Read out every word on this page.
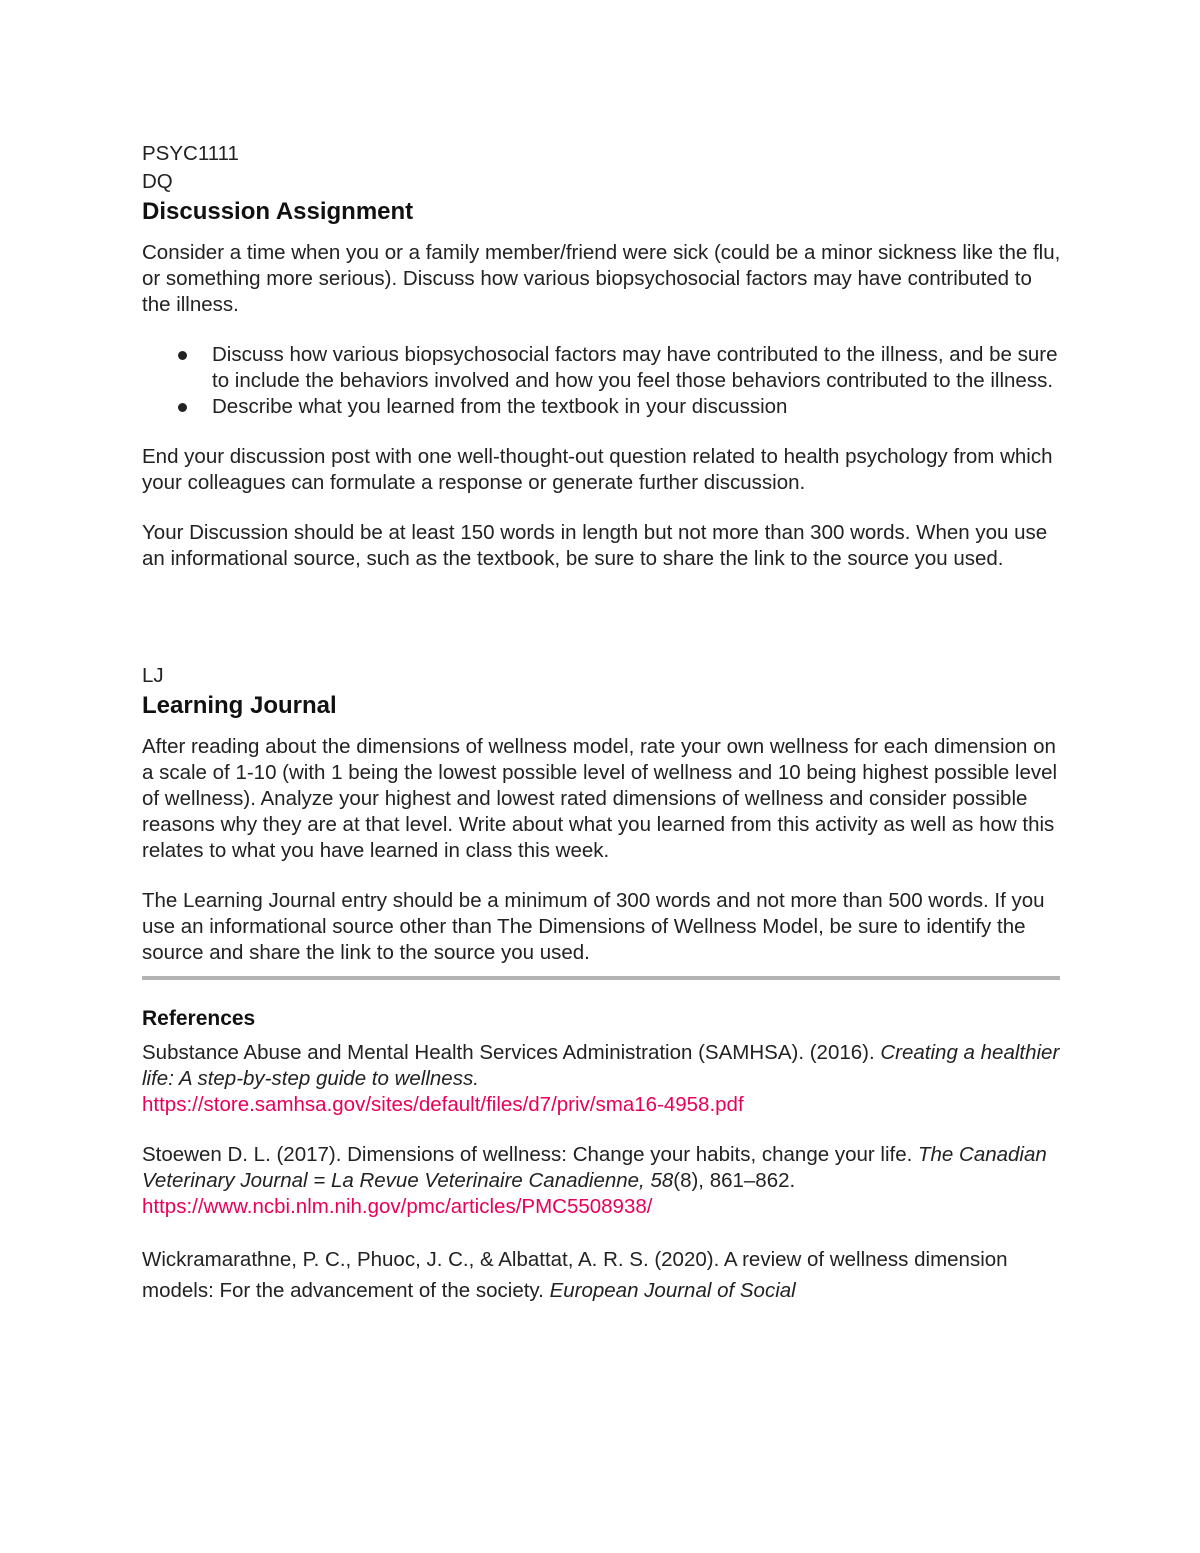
PSYC1111

DQ

Discussion Assignment

Consider a time when you or a family member/friend were sick (could be a minor sickness like the flu, or something more serious). Discuss how various biopsychosocial factors may have contributed to the illness.

Discuss how various biopsychosocial factors may have contributed to the illness, and be sure to include the behaviors involved and how you feel those behaviors contributed to the illness.
Describe what you learned from the textbook in your discussion

End your discussion post with one well-thought-out question related to health psychology from which your colleagues can formulate a response or generate further discussion.

Your Discussion should be at least 150 words in length but not more than 300 words. When you use an informational source, such as the textbook, be sure to share the link to the source you used.

LJ

Learning Journal

After reading about the dimensions of wellness model, rate your own wellness for each dimension on a scale of 1-10 (with 1 being the lowest possible level of wellness and 10 being highest possible level of wellness). Analyze your highest and lowest rated dimensions of wellness and consider possible reasons why they are at that level. Write about what you learned from this activity as well as how this relates to what you have learned in class this week.

The Learning Journal entry should be a minimum of 300 words and not more than 500 words. If you use an informational source other than The Dimensions of Wellness Model, be sure to identify the source and share the link to the source you used.

References

Substance Abuse and Mental Health Services Administration (SAMHSA). (2016). Creating a healthier life: A step-by-step guide to wellness.
https://store.samhsa.gov/sites/default/files/d7/priv/sma16-4958.pdf

Stoewen D. L. (2017). Dimensions of wellness: Change your habits, change your life. The Canadian Veterinary Journal = La Revue Veterinaire Canadienne, 58(8), 861–862.
https://www.ncbi.nlm.nih.gov/pmc/articles/PMC5508938/

Wickramarathne, P. C., Phuoc, J. C., & Albattat, A. R. S. (2020). A review of wellness dimension models: For the advancement of the society. European Journal of Social
